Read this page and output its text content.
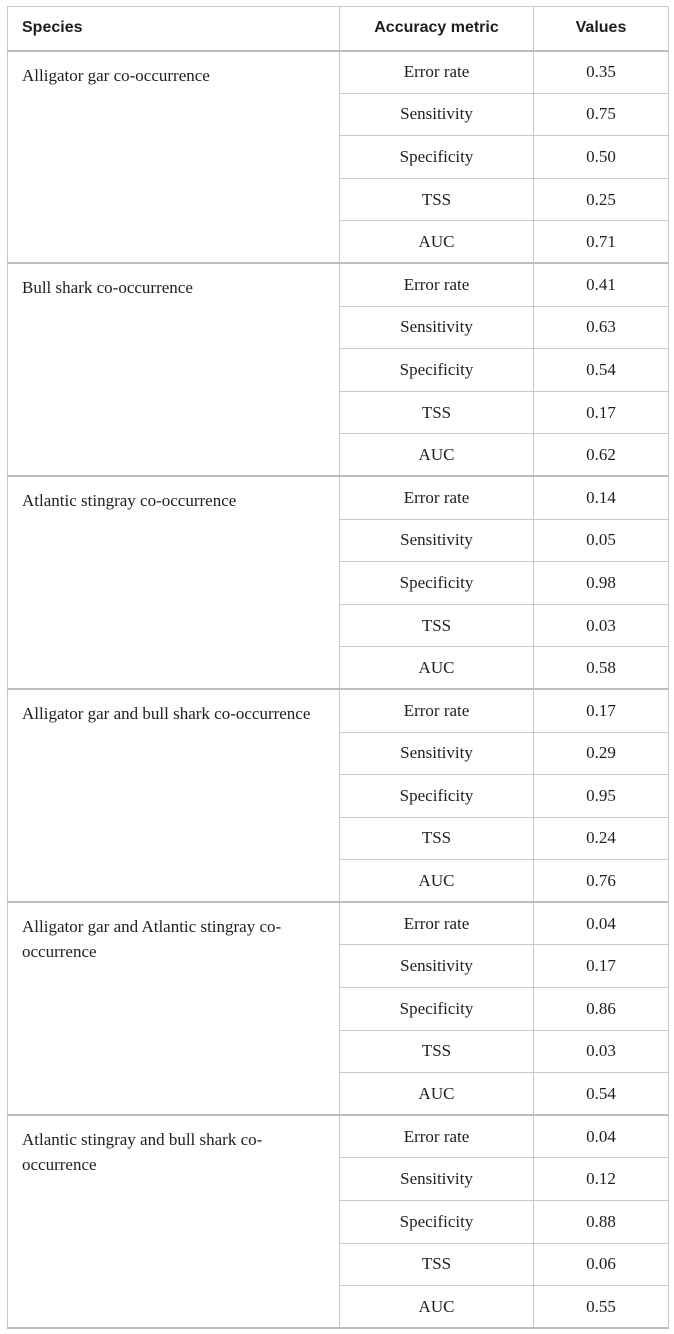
Species	Accuracy metric	Values
Alligator gar co-occurrence	Error rate	0.35
	Sensitivity	0.75
	Specificity	0.50
	TSS	0.25
	AUC	0.71
Bull shark co-occurrence	Error rate	0.41
	Sensitivity	0.63
	Specificity	0.54
	TSS	0.17
	AUC	0.62
Atlantic stingray co-occurrence	Error rate	0.14
	Sensitivity	0.05
	Specificity	0.98
	TSS	0.03
	AUC	0.58
Alligator gar and bull shark co-occurrence	Error rate	0.17
	Sensitivity	0.29
	Specificity	0.95
	TSS	0.24
	AUC	0.76
Alligator gar and Atlantic stingray co-occurrence	Error rate	0.04
	Sensitivity	0.17
	Specificity	0.86
	TSS	0.03
	AUC	0.54
Atlantic stingray and bull shark co-occurrence	Error rate	0.04
	Sensitivity	0.12
	Specificity	0.88
	TSS	0.06
	AUC	0.55
